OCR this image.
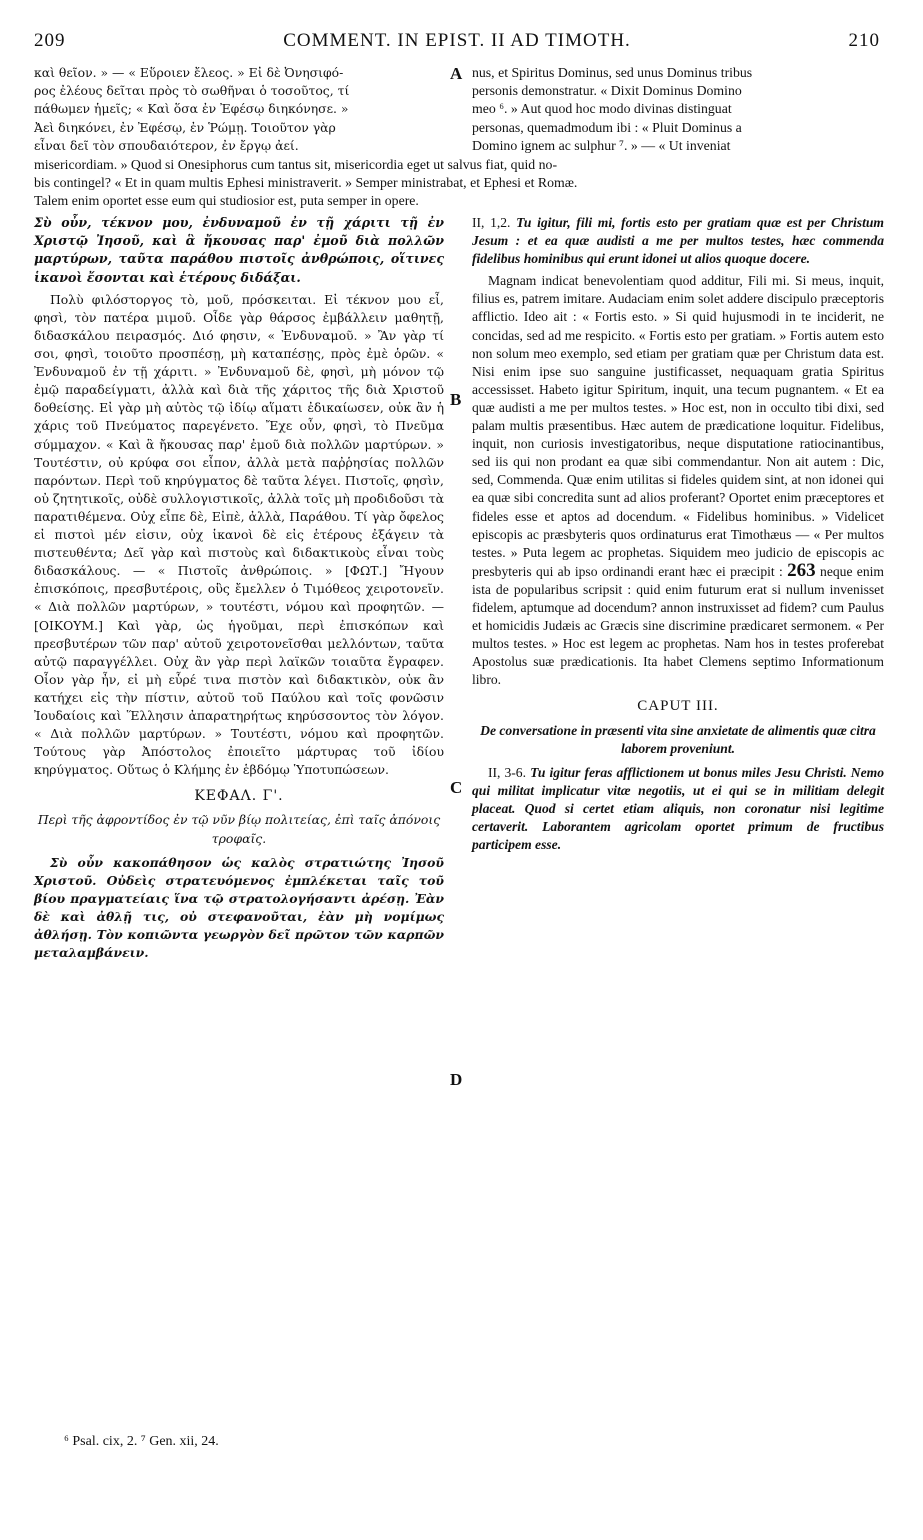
209	COMMENT. IN EPIST. II AD TIMOTH.	210

καὶ θεῖον. » — « Εὕροιεν ἔλεος. » Εἰ δὲ Ὀνησιφό-

ρος ἐλέους δεῖται πρὸς τὸ σωθῆναι ὁ τοσοῦτος, τί

πάθωμεν ἡμεῖς; « Καὶ ὅσα ἐν Ἐφέσῳ διηκόνησε. »

Ἀεὶ διηκόνει, ἐν Ἐφέσῳ, ἐν Ῥώμῃ. Τοιοῦτον γὰρ

εἶναι δεῖ τὸν σπουδαιότερον, ἐν ἔργῳ ἀεί.

A nus, et Spiritus Dominus, sed unus Dominus tribus

personis demonstratur. « Dixit Dominus Domino

meo ⁶. » Aut quod hoc modo divinas distinguat

personas, quemadmodum ibi : « Pluit Dominus a

Domino ignem ac sulphur ⁷. » — « Ut inveniat

misericordiam. » Quod si Onesiphorus cum tantus sit, misericordia eget ut salvus fiat, quid no-

bis contingel? « Et in quam multis Ephesi ministraverit. » Semper ministrabat, et Ephesi et Romæ.

Talem enim oportet esse eum qui studiosior est, puta semper in opere.

Σὺ οὖν, τέκνον μου, ἐνδυναμοῦ ἐν τῇ χάριτι τῇ ἐν Χριστῷ Ἰησοῦ, καὶ ἃ ἤκουσας παρ' ἐμοῦ διὰ πολλῶν μαρτύρων, ταῦτα παράθου πιστοῖς ἀνθρώποις, οἵτινες ἱκανοὶ ἔσονται καὶ ἑτέρους διδάξαι.

Πολὺ φιλόστοργος τὸ, μοῦ, πρόσκειται. Εἰ τέκνον μου εἶ, φησὶ, τὸν πατέρα μιμοῦ. Οἶδε γὰρ θάρσος ἐμβάλλειν μαθητῇ, διδασκάλου πειρασμός. Διό φησιν, « Ἐνδυναμοῦ. » Ἂν γὰρ τί σοι, φησὶ, τοιοῦτο προσπέσῃ, μὴ καταπέσῃς, πρὸς ἐμὲ ὁρῶν. « Ἐνδυναμοῦ ἐν τῇ χάριτι. » Ἐνδυναμοῦ δὲ, φησὶ, μὴ μόνον τῷ ἐμῷ παραδείγματι, ἀλλὰ καὶ διὰ τῆς χάριτος τῆς διὰ Χριστοῦ δοθείσης. Εἰ γὰρ μὴ αὐτὸς τῷ ἰδίῳ αἵματι ἐδικαίωσεν, οὐκ ἂν ἡ χάρις τοῦ Πνεύματος παρεγένετο. Ἔχε οὖν, φησὶ, τὸ Πνεῦμα σύμμαχον. « Καὶ ἃ ἤκουσας παρ' ἐμοῦ διὰ πολλῶν μαρτύρων. » Τουτέστιν, οὐ κρύφα σοι εἶπον, ἀλλὰ μετὰ παῤῥησίας πολλῶν παρόντων. Περὶ τοῦ κηρύγματος δὲ ταῦτα λέγει. Πιστοῖς, φησὶν, οὐ ζητητικοῖς, οὐδὲ συλλογιστικοῖς, ἀλλὰ τοῖς μὴ προδιδοῦσι τὰ παρατιθέμενα. Οὐχ εἶπε δὲ, Εἰπὲ, ἀλλὰ, Παράθου. Τί γὰρ ὄφελος εἰ πιστοὶ μέν εἰσιν, οὐχ ἱκανοὶ δὲ εἰς ἑτέρους ἐξάγειν τὰ πιστευθέντα; Δεῖ γὰρ καὶ πιστοὺς καὶ διδακτικοὺς εἶναι τοὺς διδασκάλους. — « Πιστοῖς ἀνθρώποις. » [ΦΩΤ.] Ἤγουν ἐπισκόποις, πρεσβυτέροις, οὓς ἔμελλεν ὁ Τιμόθεος χειροτονεῖν. « Διὰ πολλῶν μαρτύρων, » τουτέστι, νόμου καὶ προφητῶν. — [ΟΙΚΟΥΜ.] Καὶ γὰρ, ὡς ἡγοῦμαι, περὶ ἐπισκόπων καὶ πρεσβυτέρων τῶν παρ' αὐτοῦ χειροτονεῖσθαι μελλόντων, ταῦτα αὐτῷ παραγγέλλει. Οὐχ ἂν γὰρ περὶ λαϊκῶν τοιαῦτα ἔγραφεν. Οἷον γὰρ ἦν, εἰ μὴ εὗρέ τινα πιστὸν καὶ διδακτικὸν, οὐκ ἂν κατήχει εἰς τὴν πίστιν, αὐτοῦ τοῦ Παύλου καὶ τοῖς φονῶσιν Ἰουδαίοις καὶ Ἕλλησιν ἀπαρατηρήτως κηρύσσοντος τὸν λόγον. « Διὰ πολλῶν μαρτύρων. » Τουτέστι, νόμου καὶ προφητῶν. Τούτους γὰρ Ἀπόστολος ἐποιεῖτο μάρτυρας τοῦ ἰδίου κηρύγματος. Οὕτως ὁ Κλήμης ἐν ἑβδόμῳ Ὑποτυπώσεων.

ΚΕΦΑΛ. Γ'.

Περὶ τῆς ἀφροντίδος ἐν τῷ νῦν βίῳ πολιτείας, ἐπὶ ταῖς ἀπόνοις τροφαῖς.

Σὺ οὖν κακοπάθησον ὡς καλὸς στρατιώτης Ἰησοῦ Χριστοῦ. Οὐδεὶς στρατευόμενος ἐμπλέκεται ταῖς τοῦ βίου πραγματείαις ἵνα τῷ στρατολογήσαντι ἀρέσῃ. Ἐὰν δὲ καὶ ἀθλῇ τις, οὐ στεφανοῦται, ἐὰν μὴ νομίμως ἀθλήσῃ. Τὸν κοπιῶντα γεωργὸν δεῖ πρῶτον τῶν καρπῶν μεταλαμβάνειν.

B
C
D

II, 1,2. Tu igitur, fili mi, fortis esto per gratiam quæ est per Christum Jesum : et ea quæ audisti a me per multos testes, hæc commenda fidelibus hominibus qui erunt idonei ut alios quoque docere.

Magnam indicat benevolentiam quod additur, Fili mi. Si meus, inquit, filius es, patrem imitare. Audaciam enim solet addere discipulo præceptoris afflictio. Ideo ait : « Fortis esto. » Si quid hujusmodi in te inciderit, ne concidas, sed ad me respicito. « Fortis esto per gratiam. » Fortis autem esto non solum meo exemplo, sed etiam per gratiam quæ per Christum data est. Nisi enim ipse suo sanguine justificasset, nequaquam gratia Spiritus accessisset. Habeto igitur Spiritum, inquit, una tecum pugnantem. « Et ea quæ audisti a me per multos testes. » Hoc est, non in occulto tibi dixi, sed palam multis præsentibus. Hæc autem de prædicatione loquitur. Fidelibus, inquit, non curiosis investigatoribus, neque disputatione ratiocinantibus, sed iis qui non prodant ea quæ sibi commendantur. Non ait autem : Dic, sed, Commenda. Quæ enim utilitas si fideles quidem sint, at non idonei qui ea quæ sibi concredita sunt ad alios proferant? Oportet enim præceptores et fideles esse et aptos ad docendum. « Fidelibus hominibus. » Videlicet episcopis ac præsbyteris quos ordinaturus erat Timothæus — « Per multos testes. » Puta legem ac prophetas. Siquidem meo judicio de episcopis ac presbyteris qui ab ipso ordinandi erant hæc ei præcipit : 263 neque enim ista de popularibus scripsit : quid enim futurum erat si nullum invenisset fidelem, aptumque ad docendum? annon instruxisset ad fidem? cum Paulus et homicidis Judæis ac Græcis sine discrimine prædicaret sermonem. « Per multos testes. » Hoc est legem ac prophetas. Nam hos in testes proferebat Apostolus suæ prædicationis. Ita habet Clemens septimo Informationum libro.

CAPUT III.

De conversatione in præsenti vita sine anxietate de alimentis quæ citra laborem proveniunt.

II, 3-6. Tu igitur feras afflictionem ut bonus miles Jesu Christi. Nemo qui militat implicatur vitæ negotiis, ut ei qui se in militiam delegit placeat. Quod si certet etiam aliquis, non coronatur nisi legitime certaverit. Laborantem agricolam oportet primum de fructibus participem esse.

⁶ Psal. cix, 2. ⁷ Gen. xii, 24.
